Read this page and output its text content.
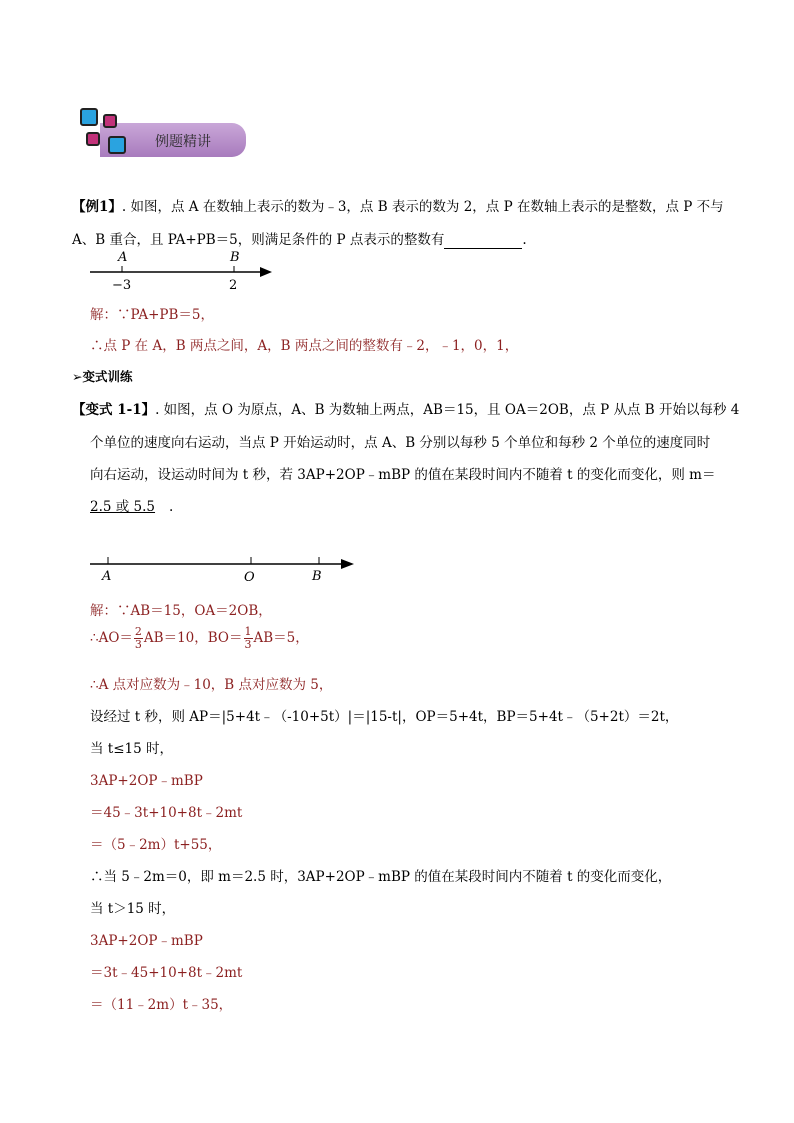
例题精讲
【例1】. 如图，点 A 在数轴上表示的数为﹣3，点 B 表示的数为 2，点 P 在数轴上表示的是整数，点 P 不与
A、B 重合，且 PA+PB＝5，则满足条件的 P 点表示的整数有	.
A	B
−3	2
解：∵PA+PB＝5，
∴点 P 在 A，B 两点之间，A，B 两点之间的整数有﹣2，﹣1，0，1，
➢变式训练
【变式 1-1】. 如图，点 O 为原点，A、B 为数轴上两点，AB＝15，且 OA＝2OB，点 P 从点 B 开始以每秒 4
个单位的速度向右运动，当点 P 开始运动时，点 A、B 分别以每秒 5 个单位和每秒 2 个单位的速度同时
向右运动，设运动时间为 t 秒，若 3AP+2OP﹣mBP 的值在某段时间内不随着 t 的变化而变化，则 m＝
2.5 或 5.5 .
A	O	B
解：∵AB＝15，OA＝2OB，
∴AO＝ $\frac{2}{3} AB=10$，$BO= \frac{1}{3} AB=5$，
∴A 点对应数为﹣10，B 点对应数为 5，
设经过 t 秒，则 AP＝|5+4t﹣（-10+5t）|＝|15-t|，OP＝5+4t，BP＝5+4t﹣（5+2t）＝2t，
当 t≤15 时，
3AP+2OP﹣mBP
＝45﹣3t+10+8t﹣2mt
＝（5﹣2m）t+55，
∴当 5﹣2m＝0，即 m＝2.5 时，3AP+2OP﹣mBP 的值在某段时间内不随着 t 的变化而变化，
当 t＞15 时，
3AP+2OP﹣mBP
＝3t﹣45+10+8t﹣2mt
＝（11﹣2m）t﹣35，
